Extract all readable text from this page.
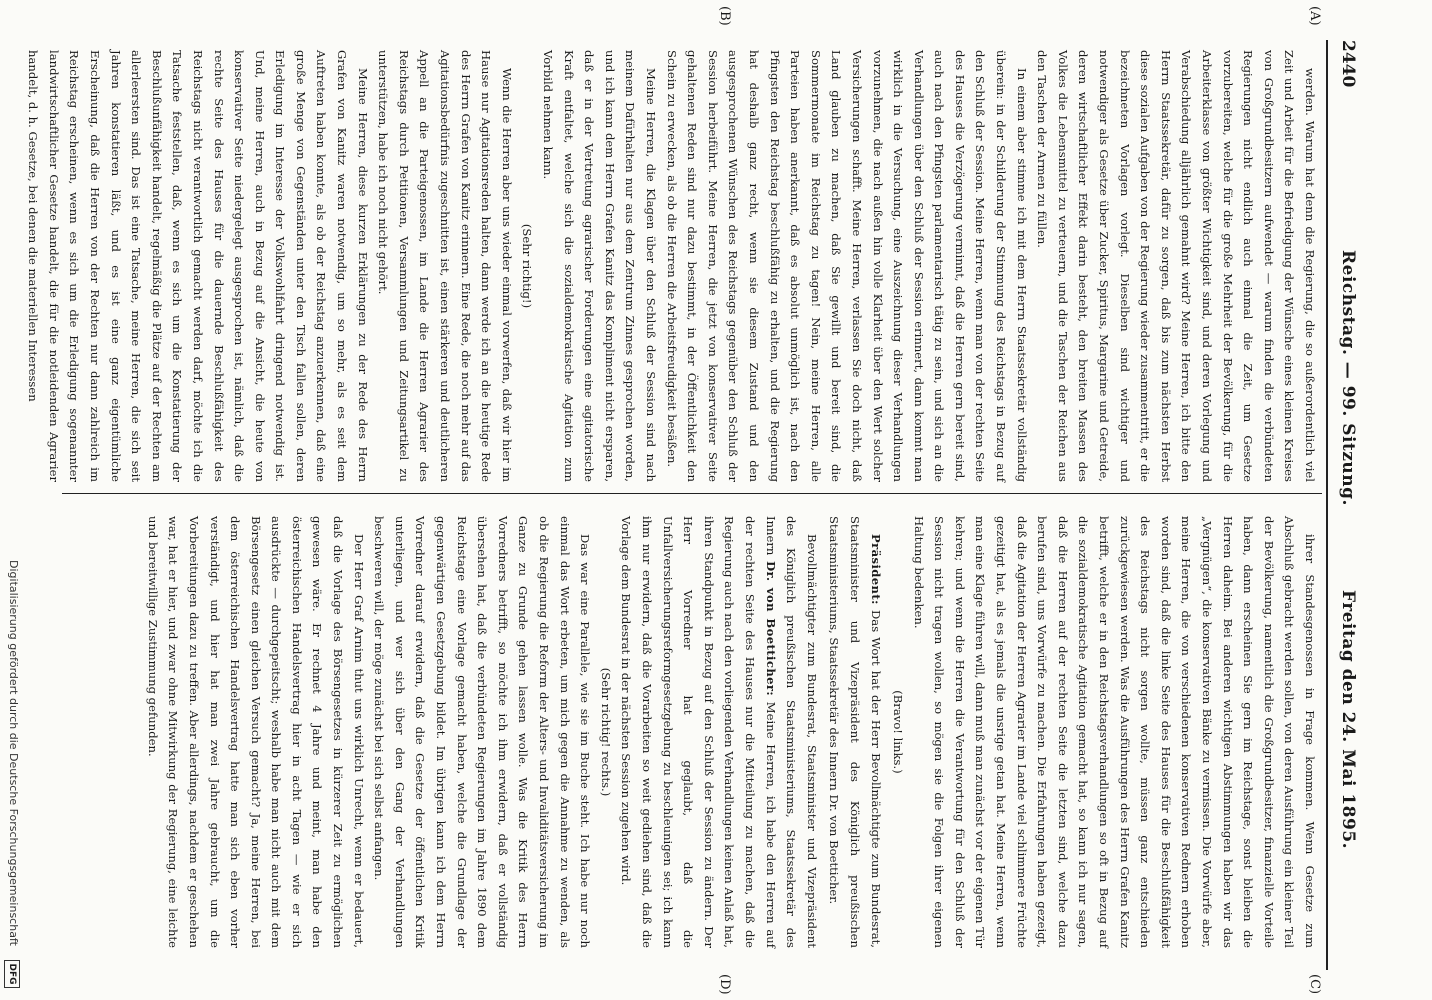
2440
Reichstag. — 99. Sitzung.
Freitag den 24. Mai 1895.
(A)
(B)
(C)
(D)

werden. Warum hat denn die Regierung, die so außerordentlich viel Zeit und Arbeit für die Befriedigung der Wünsche eines kleinen Kreises von Großgrundbesitzern aufwendet — warum finden die verbündeten Regierungen nicht endlich auch einmal die Zeit, um Gesetze vorzubereiten, welche für die große Mehrheit der Bevölkerung, für die Arbeiterklasse von größter Wichtigkeit sind, und deren Vorlegung und Verabschiedung alljährlich gemahnt wird? Meine Herren, ich bitte den Herrn Staatssekretär, dafür zu sorgen, daß bis zum nächsten Herbst diese sozialen Aufgaben von der Regierung wieder zusammentritt, er die bezeichneten Vorlagen vorlegt. Dieselben sind wichtiger und notwendiger als Gesetze über Zucker, Spiritus, Margarine und Getreide, deren wirtschaftlicher Effekt darin besteht, den breiten Massen des Volkes die Lebensmittel zu verteuern, und die Taschen der Reichen aus den Taschen der Armen zu füllen.

In einem aber stimme ich mit dem Herrn Staatssekretär vollständig überein: in der Schilderung der Stimmung des Reichstags in Bezug auf den Schluß der Session. Meine Herren, wenn man von der rechten Seite des Hauses die Verzögerung verminnt, daß die Herren gern bereit sind, auch nach den Pfingsten parlamentarisch tätig zu sein, und sich an die Verhandlungen über den Schluß der Session erinnert, dann kommt man wirklich in die Versuchung, eine Auszeichnung dieser Verhandlungen vorzunehmen, die nach außen hin volle Klarheit über den Wert solcher Versicherungen schafft. Meine Herren, verlassen Sie doch nicht, daß Land glauben zu machen, daß Sie gewillt und bereit sind, die Sommermonate im Reichstag zu tagen! Nein, meine Herren, alle Parteien haben anerkannt, daß es absolut unmöglich ist, nach den Pfingsten den Reichstag beschlußfähig zu erhalten, und die Regierung hat deshalb ganz recht, wenn sie diesem Zustand und den ausgesprochenen Wünschen des Reichstags gegenüber den Schluß der Session herbeiführt. Meine Herren, die jetzt von konservativer Seite gehaltenen Reden sind nur dazu bestimmt, in der Öffentlichkeit den Schein zu erwecken, als ob die Herren die Arbeitsfreudigkeit besäßen.

Meine Herren, die Klagen über den Schluß der Session sind nach meinem Dafürhalten nur aus dem Zentrum Zinnes gesprochen worden, und ich kann dem Herrn Grafen Kanitz das Kompliment nicht ersparen, daß er in der Vertretung agrarischer Forderungen eine agitatorische Kraft entfaltet, welche sich die sozialdemokratische Agitation zum Vorbild nehmen kann.

(Sehr richtig!)

Wenn die Herren aber uns wieder einmal vorwerfen, daß wir hier im Hause nur Agitationsreden halten, dann werde ich an die heutige Rede des Herrn Grafen von Kanitz erinnern. Eine Rede, die noch mehr auf das Agitationsbedürfnis zugeschnitten ist, einen stärkeren und deutlicheren Appell an die Parteigenossen, im Lande die Herren Agrarier des Reichstags durch Petitionen, Versammlungen und Zeitungsartikel zu unterstützen, habe ich noch nicht gehört.

Meine Herren, diese kurzen Erklärungen zu der Rede des Herrn Grafen von Kanitz waren notwendig, um so mehr, als es seit dem Auftreten haben konnte, als ob der Reichstag anzuerkennen, daß eine große Menge von Gegenständen unter den Tisch fallen sollen, deren Erledigung im Interesse der Volkswohlfahrt dringend notwendig ist. Und, meine Herren, auch in Bezug auf die Ansicht, die heute von konservativer Seite niedergelegt ausgesprochen ist, nämlich, daß die rechte Seite des Hauses für die dauernde Beschlußfähigkeit des Reichstags nicht verantwortlich gemacht werden darf, möchte ich die Tatsache feststellen, daß, wenn es sich um die Konstatierung der Beschlußunfähigkeit handelt, regelmäßig die Plätze auf der Rechten am allerleersten sind. Das ist eine Tatsache, meine Herren, die sich seit Jahren konstatieren läßt, und es ist eine ganz eigentümliche Erscheinung, daß die Herren von der Rechten nur dann zahlreich im Reichstag erscheinen, wenn es sich um die Erledigung sogenannter landwirtschaftlicher Gesetze handelt, die für die notleidenden Agrarier handelt, d. h. Gesetze, bei denen die materiellen Interessen

ihrer Standesgenossen in Frage kommen. Wenn Gesetze zum Abschluß gebracht werden sollen, von deren Ausführung ein kleiner Teil der Bevölkerung, namentlich die Großgrundbesitzer, finanzielle Vorteile haben, dann erscheinen Sie gern im Reichstage, sonst bleiben die Herren daheim. Bei anderen wichtigen Abstimmungen haben wir das „Vergnügen“, die konservativen Bänke zu vermissen. Die Vorwürfe aber, meine Herren, die von verschiedenen konservativen Rednern erhoben worden sind, daß die linke Seite des Hauses für die Beschlußfähigkeit des Reichstags nicht sorgen wollte, müssen ganz entschieden zurückgewiesen werden. Was die Ausführungen des Herrn Grafen Kanitz betrifft, welche er in den Reichstagsverhandlungen so oft in Bezug auf die sozialdemokratische Agitation gemacht hat, so kann ich nur sagen, daß die Herren auf der rechten Seite die letzten sind, welche dazu berufen sind, uns Vorwürfe zu machen. Die Erfahrungen haben gezeigt, daß die Agitation der Herren Agrarier im Lande viel schlimmere Früchte gezeitigt hat, als es jemals die unsrige getan hat. Meine Herren, wenn man eine Klage führen will, dann muß man zunächst vor der eigenen Tür kehren; und wenn die Herren die Verantwortung für den Schluß der Session nicht tragen wollen, so mögen sie die Folgen ihrer eigenen Haltung bedenken.

(Bravo! links.)

Präsident: Das Wort hat der Herr Bevollmächtigte zum Bundesrat, Staatsminister und Vizepräsident des Königlich preußischen Staatsministeriums, Staatssekretär des Innern Dr. von Boetticher.

Bevollmächtigter zum Bundesrat, Staatsminister und Vizepräsident des Königlich preußischen Staatsministeriums, Staatssekretär des Innern Dr. von Boetticher: Meine Herren, ich habe den Herren auf der rechten Seite des Hauses nur die Mitteilung zu machen, daß die Regierung auch nach den vorliegenden Verhandlungen keinen Anlaß hat, ihren Standpunkt in Bezug auf den Schluß der Session zu ändern. Der Herr Vorredner hat geglaubt, daß die Unfallversicherungsreformgesetzgebung zu beschleunigen sei; ich kann ihm nur erwidern, daß die Vorarbeiten so weit gediehen sind, daß die Vorlage dem Bundesrat in der nächsten Session zugehen wird.

(Sehr richtig! rechts.)

Das war eine Parallele, wie sie im Buche steht. Ich habe nur noch einmal das Wort erbeten, um mich gegen die Annahme zu wenden, als ob die Regierung die Reform der Alters- und Invaliditätsversicherung im Ganze zu Grunde gehen lassen wolle. Was die Kritik des Herrn Vorredners betrifft, so möchte ich ihm erwidern, daß er vollständig übersehen hat, daß die verbündeten Regierungen im Jahre 1890 dem Reichstage eine Vorlage gemacht haben, welche die Grundlage der gegenwärtigen Gesetzgebung bildet. Im übrigen kann ich dem Herrn Vorredner darauf erwidern, daß die Gesetze der öffentlichen Kritik unterliegen, und wer sich über den Gang der Verhandlungen beschweren will, der möge zunächst bei sich selbst anfangen.

Der Herr Graf Arnim thut uns wirklich Unrecht, wenn er bedauert, daß die Vorlage des Börsengesetzes in kürzerer Zeit zu ermöglichen gewesen wäre. Er rechnet 4 Jahre und meint, man habe den österreichischen Handelsvertrag hier in acht Tagen — wie er sich ausdrückte — durchgepeitscht; weshalb habe man nicht auch mit dem Börsengesetz einen gleichen Versuch gemacht? Ja, meine Herren, bei dem österreichischen Handelsvertrag hatte man sich eben vorher verständigt, und hier hat man zwei Jahre gebraucht, um die Vorbereitungen dazu zu treffen. Aber allerdings, nachdem er geschehen war, hat er hier, und zwar ohne Mitwirkung der Regierung, eine leichte und bereitwillige Zustimmung gefunden.

Digitalisierung gefördert durch die Deutsche Forschungsgemeinschaft
DFG
